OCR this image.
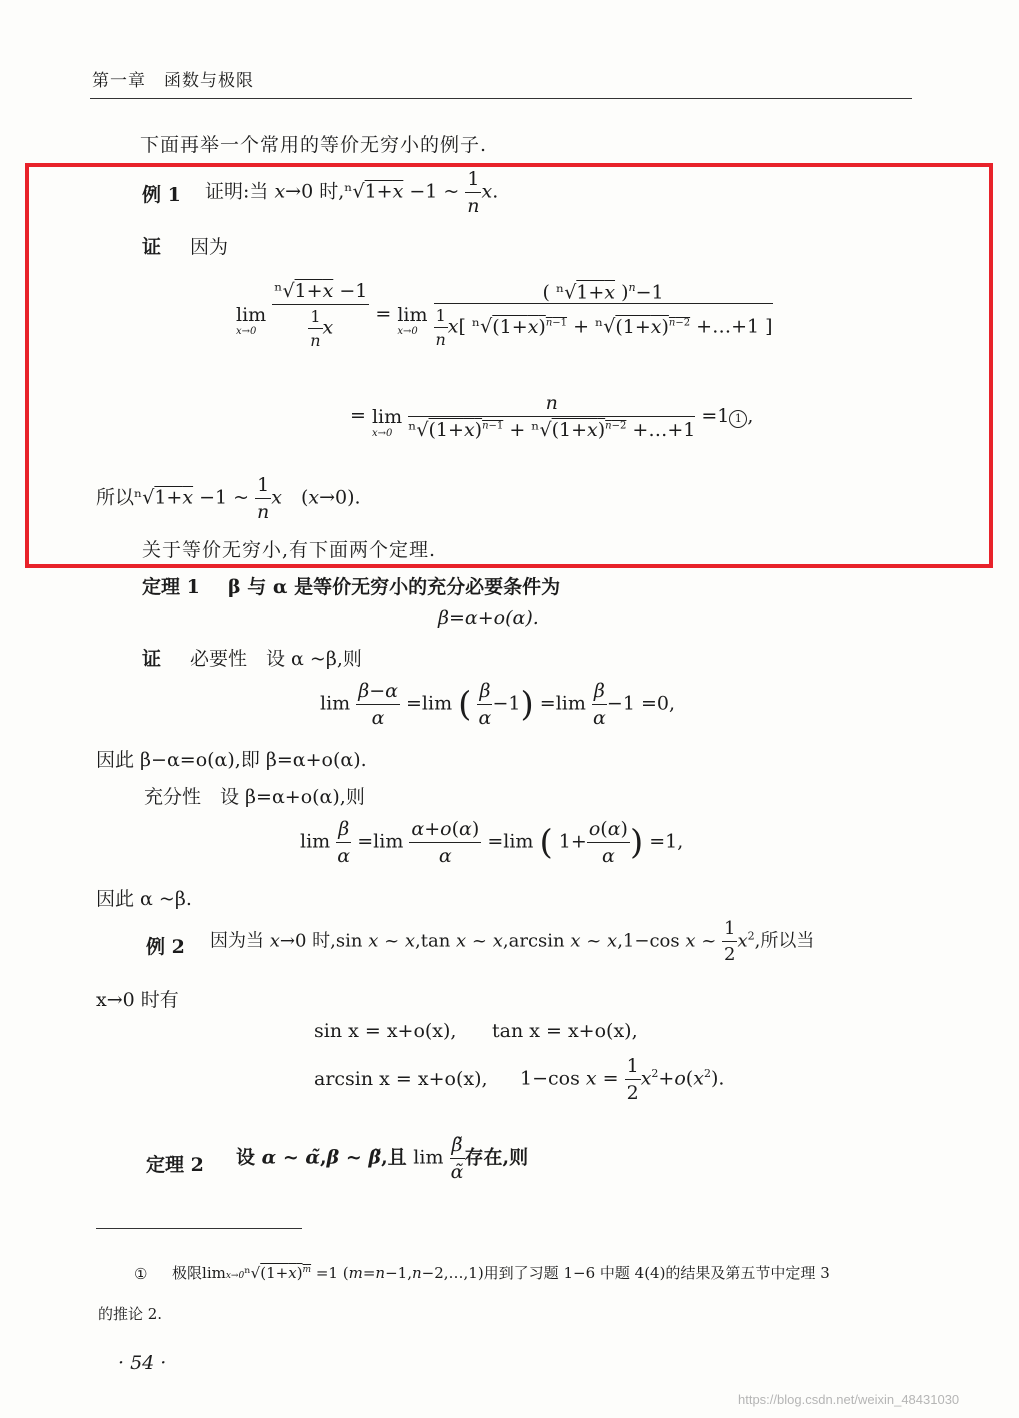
第一章　函数与极限
下面再举一个常用的等价无穷小的例子.
例 1 证明:当 x→0 时,ⁿ√1+x −1 ~ $\frac{1}{n} x$.
证 因为
lim
x→0
$\frac{\text{ⁿ√1+x −1}}{\frac{1}{n} x} = \lim$
x→0
$\frac{( ^n√1+x )^n-1}{\frac{1}{n} x[ ^n√(1+x)^{n-1} + ^n√(1+x)^{n-2} +\dots+1 ]}$
= lim
x→0
$\frac{n}{^n√(1+x)^{n-1} + ^n√(1+x)^{n-2} +\dots+1} =1$ 1 ,
所以ⁿ√1+x −1 ~ $\frac{1}{n}$ x　(x→0).
关于等价无穷小,有下面两个定理.
定理 1 β 与 α 是等价无穷小的充分必要条件为
β=α+o(α).
证 必要性　设 α ~β,则
$\lim \frac{\beta-\alpha}{\alpha} =\lim$ ( $\frac{\beta}{\alpha} -1) =\lim \frac{\beta}{\alpha} -1 =0$,
因此 β−α=o(α),即 β=α+o(α).
充分性　设 β=α+o(α),则
$\lim \frac{\beta}{\alpha} =\lim \frac{\alpha+o(\alpha)}{\alpha} =\lim$ ( $1+ \frac{o(\alpha)}{\alpha}$ ) =1,
因此 α ~β.
例 2 因为当 x→0 时,sin x ~ x,tan x ~ x,arcsin x ~ x,1−cos x ~ $\frac{1}{2} x^2$,所以当
x→0 时有
sin x = x+o(x), tan x = x+o(x),
arcsin x = x+o(x), 1−cos $x = \frac{1}{2} x^2+o(x^2)$.
定理 2 设 α ~ α̃,β ~ β̃,且 $\lim \frac{\betã}{\alphã}$ 存在,则
① 极限$\lim x\to 0^n√(1+x)^m =1$ (m=n−1,n−2,…,1)用到了习题 1−6 中题 4(4)的结果及第五节中定理 3
的推论 2.
· 54 ·
https://blog.csdn.net/weixin_48431030
